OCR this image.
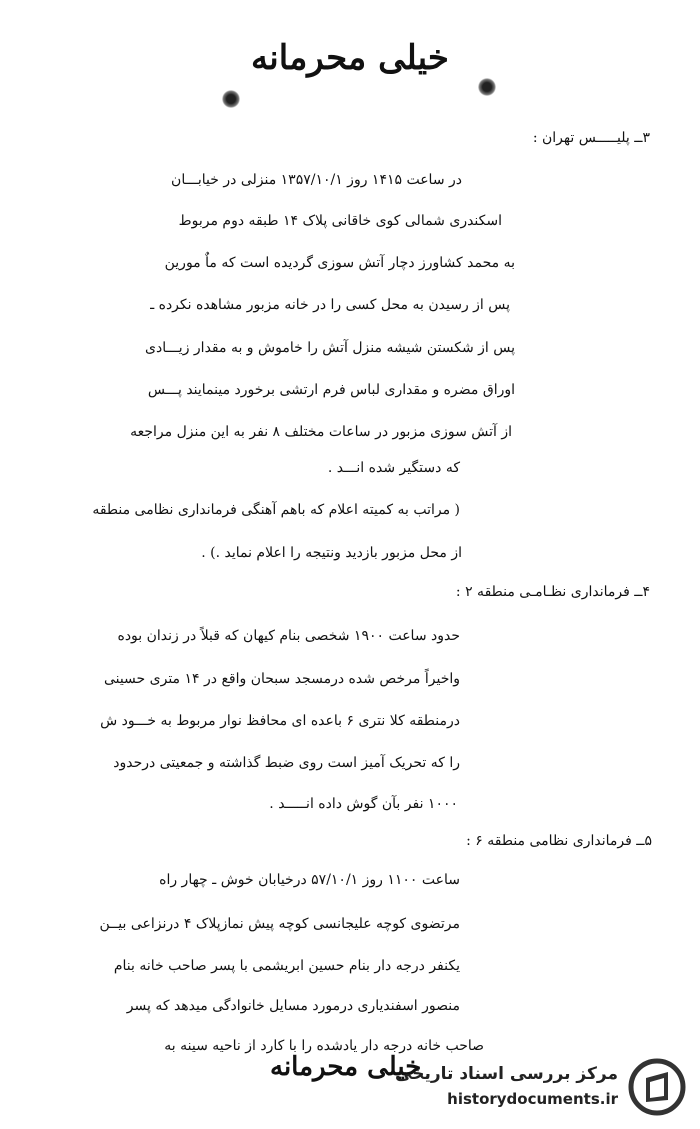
خیلی محرمانه
۳ــ پلیـــــس تهران :
در ساعت ۱۴۱۵ روز ۱۳۵۷/۱۰/۱ منزلی در خیابـــان
اسکندری شمالی کوی خاقانی پلاک ۱۴ طبقه دوم مربوط
به محمد کشاورز دچار آتش سوزی گردیده است که ماٌ مورین
پس از رسیدن به محل کسی را در خانه مزبور مشاهده نکرده ـ
پس از شکستن شیشه منزل آتش را خاموش و به مقدار زیـــادی
اوراق مضره و مقداری لباس فرم ارتشی برخورد مینمایند پـــس
از آتش سوزی مزبور در ساعات مختلف ۸ نفر به این منزل مراجعه
که دستگیر شده انـــد .
( مراتب به کمیته اعلام که باهم آهنگی فرمانداری نظامی منطقه
از محل مزبور بازدید ونتیجه را اعلام نماید .) .
۴ــ فرمانداری نظـامـی منطقه ۲ :
حدود ساعت ۱۹۰۰ شخصی بنام کیهان که قبلاً در زندان بوده
واخیراً مرخص شده درمسجد سبحان واقع در ۱۴ متری حسینی
درمنطقه کلا نتری ۶ باعده ای محافظ نوار مربوط به خـــود ش
را که تحریک آمیز است روی ضبط گذاشته و جمعیتی درحدود
۱۰۰۰ نفر بآن گوش داده انـــــد .
۵ــ فرمانداری نظامی منطقه ۶ :
ساعت ۱۱۰۰ روز ۵۷/۱۰/۱ درخیابان خوش ـ چهار راه
مرتضوی کوچه علیجانسی کوچه پیش نمازپلاک ۴ درنزاعی بیــن
یکنفر درجه دار بنام حسین ابریشمی با پسر صاحب خانه بنام
منصور اسفندیاری درمورد مسایل خانوادگی میدهد که پسر
صاحب خانه درجه دار یادشده را با کارد از ناحیه سینه به
خیلی محرمانه
مرکز بررسی اسناد تاریخی
historydocuments.ir
